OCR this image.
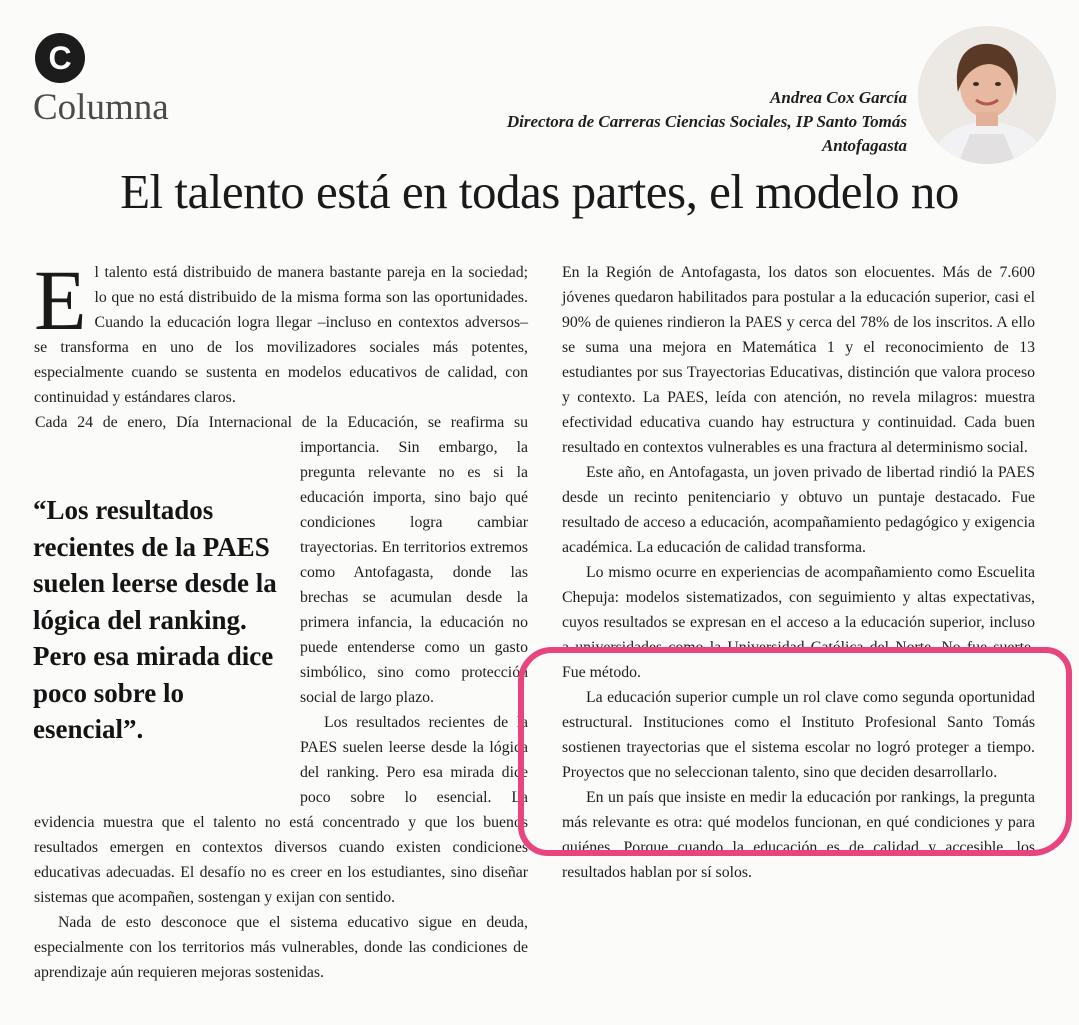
C
Columna	Andrea Cox García
Directora de Carreras Ciencias Sociales, IP Santo Tomás
Antofagasta
El talento está en todas partes, el modelo no
E l talento está distribuido de manera bastante pareja en la sociedad; lo que no está distribuido de la misma forma son las oportunidades. Cuando la educación logra llegar –incluso en contextos adversos– se transforma en uno de los movilizadores sociales más potentes, especialmente cuando se sustenta en modelos educativos de calidad, con continuidad y estándares claros.

Cada 24 de enero, Día Internacional de la Educación, se reafirma su importancia. Sin embargo, la pregunta relevante no es si la educación importa, sino bajo qué condiciones logra cambiar trayectorias. En territorios extremos como Antofagasta, donde las brechas se acumulan desde la primera infancia, la educación no puede entenderse como un gasto simbólico, sino como protección social de largo plazo.

Los resultados recientes de la PAES suelen leerse desde la lógica del ranking. Pero esa mirada dice poco sobre lo esencial. La evidencia muestra que el talento no está concentrado y que los buenos resultados emergen en contextos diversos cuando existen condiciones educativas adecuadas. El desafío no es creer en los estudiantes, sino diseñar sistemas que acompañen, sostengan y exijan con sentido.

Nada de esto desconoce que el sistema educativo sigue en deuda, especialmente con los territorios más vulnerables, donde las condiciones de aprendizaje aún requieren mejoras sostenidas.

“Los resultados recientes de la PAES suelen leerse desde la lógica del ranking. Pero esa mirada dice poco sobre lo esencial”.

En la Región de Antofagasta, los datos son elocuentes. Más de 7.600 jóvenes quedaron habilitados para postular a la educación superior, casi el 90% de quienes rindieron la PAES y cerca del 78% de los inscritos. A ello se suma una mejora en Matemática 1 y el reconocimiento de 13 estudiantes por sus Trayectorias Educativas, distinción que valora proceso y contexto. La PAES, leída con atención, no revela milagros: muestra efectividad educativa cuando hay estructura y continuidad. Cada buen resultado en contextos vulnerables es una fractura al determinismo social.

Este año, en Antofagasta, un joven privado de libertad rindió la PAES desde un recinto penitenciario y obtuvo un puntaje destacado. Fue resultado de acceso a educación, acompañamiento pedagógico y exigencia académica. La educación de calidad transforma.

Lo mismo ocurre en experiencias de acompañamiento como Escuelita Chepuja: modelos sistematizados, con seguimiento y altas expectativas, cuyos resultados se expresan en el acceso a la educación superior, incluso a universidades como la Universidad Católica del Norte. No fue suerte. Fue método.

La educación superior cumple un rol clave como segunda oportunidad estructural. Instituciones como el Instituto Profesional Santo Tomás sostienen trayectorias que el sistema escolar no logró proteger a tiempo. Proyectos que no seleccionan talento, sino que deciden desarrollarlo.

En un país que insiste en medir la educación por rankings, la pregunta más relevante es otra: qué modelos funcionan, en qué condiciones y para quiénes. Porque cuando la educación es de calidad y accesible, los resultados hablan por sí solos.
